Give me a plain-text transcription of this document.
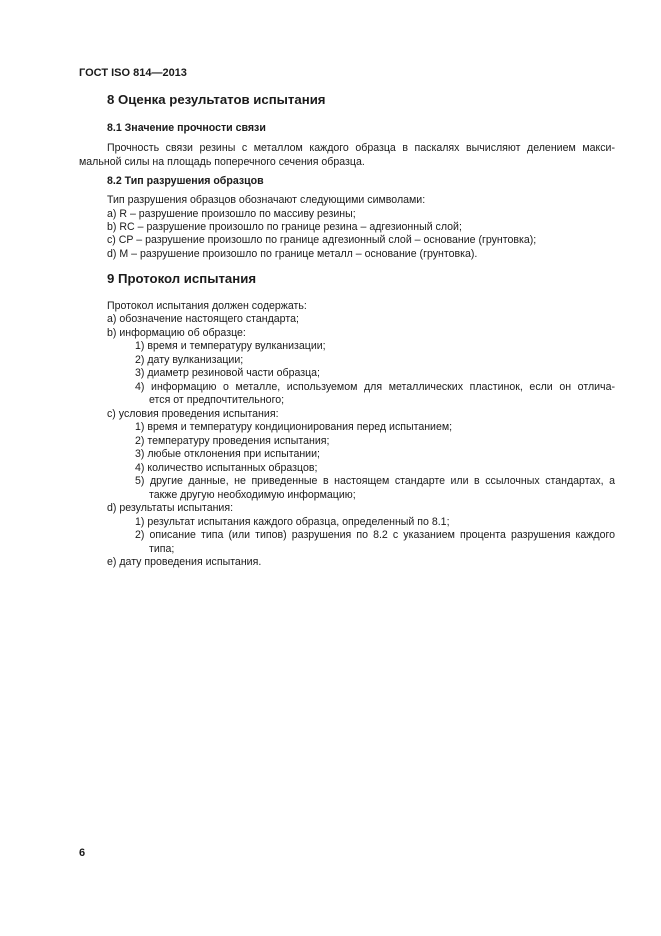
ГОСТ ISO 814—2013
8 Оценка результатов испытания
8.1 Значение прочности связи

Прочность связи резины с металлом каждого образца в паскалях вычисляют делением макси-мальной силы на площадь поперечного сечения образца.

8.2 Тип разрушения образцов
Тип разрушения образцов обозначают следующими символами:
a) R – разрушение произошло по массиву резины;
b) RC – разрушение произошло по границе резина – адгезионный слой;
c) CP – разрушение произошло по границе адгезионный слой – основание (грунтовка);
d) M – разрушение произошло по границе металл – основание (грунтовка).
9 Протокол испытания
Протокол испытания должен содержать:
a) обозначение настоящего стандарта;
b) информацию об образце:
1) время и температуру вулканизации;
2) дату вулканизации;
3) диаметр резиновой части образца;
4) информацию о металле, используемом для металлических пластинок, если он отлича-
ется от предпочтительного;
c) условия проведения испытания:
1) время и температуру кондиционирования перед испытанием;
2) температуру проведения испытания;
3) любые отклонения при испытании;
4) количество испытанных образцов;
5) другие данные, не приведенные в настоящем стандарте или в ссылочных стандартах, а
также другую необходимую информацию;
d) результаты испытания:
1) результат испытания каждого образца, определенный по 8.1;
2) описание типа (или типов) разрушения по 8.2 с указанием процента разрушения каждого
типа;
e) дату проведения испытания.
6
